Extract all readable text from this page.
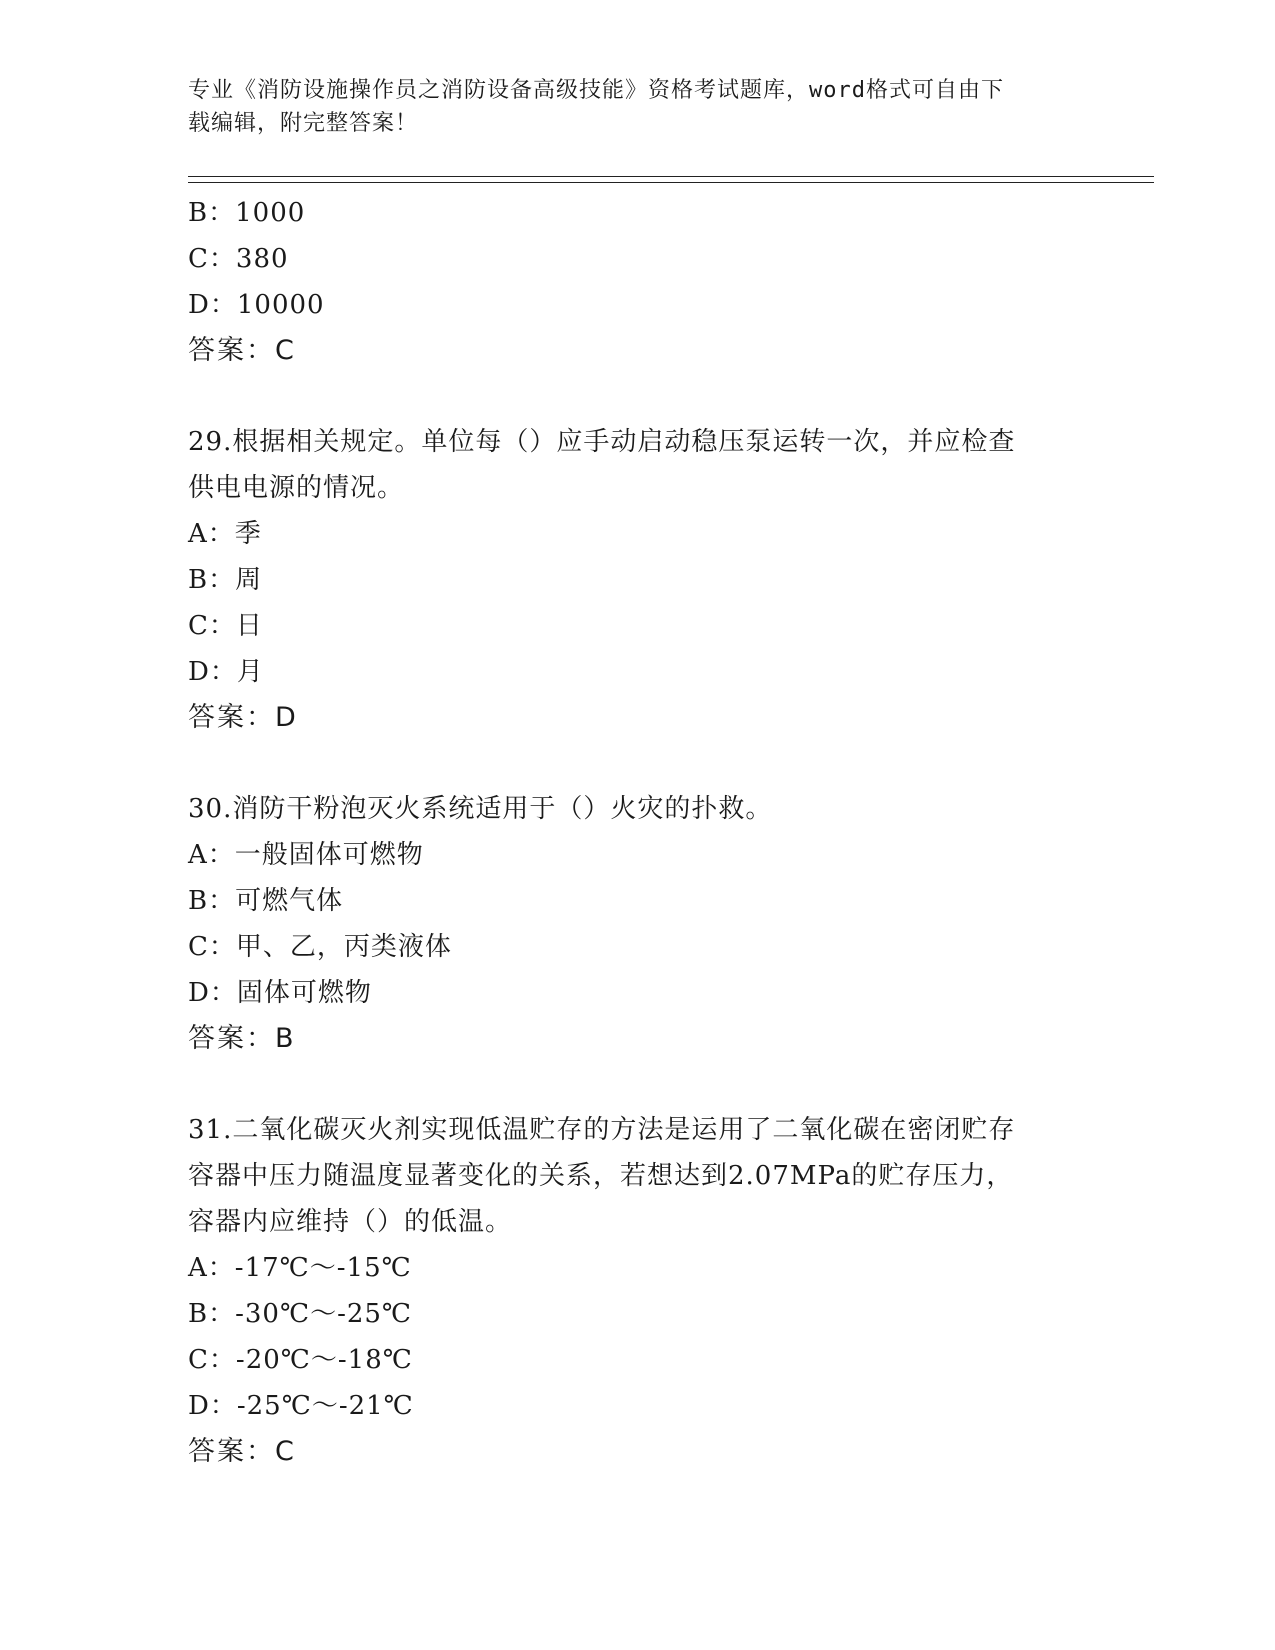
专业《消防设施操作员之消防设备高级技能》资格考试题库，word格式可自由下
载编辑，附完整答案！
B：1000
C：380
D：10000
答案：C
29.根据相关规定。单位每（）应手动启动稳压泵运转一次，并应检查
供电电源的情况。
A：季
B：周
C：日
D：月
答案：D
30.消防干粉泡灭火系统适用于（）火灾的扑救。
A：一般固体可燃物
B：可燃气体
C：甲、乙，丙类液体
D：固体可燃物
答案：B
31.二氧化碳灭火剂实现低温贮存的方法是运用了二氧化碳在密闭贮存
容器中压力随温度显著变化的关系，若想达到2.07MPa的贮存压力，
容器内应维持（）的低温。
A：-17℃～-15℃
B：-30℃～-25℃
C：-20℃～-18℃
D：-25℃～-21℃
答案：C
